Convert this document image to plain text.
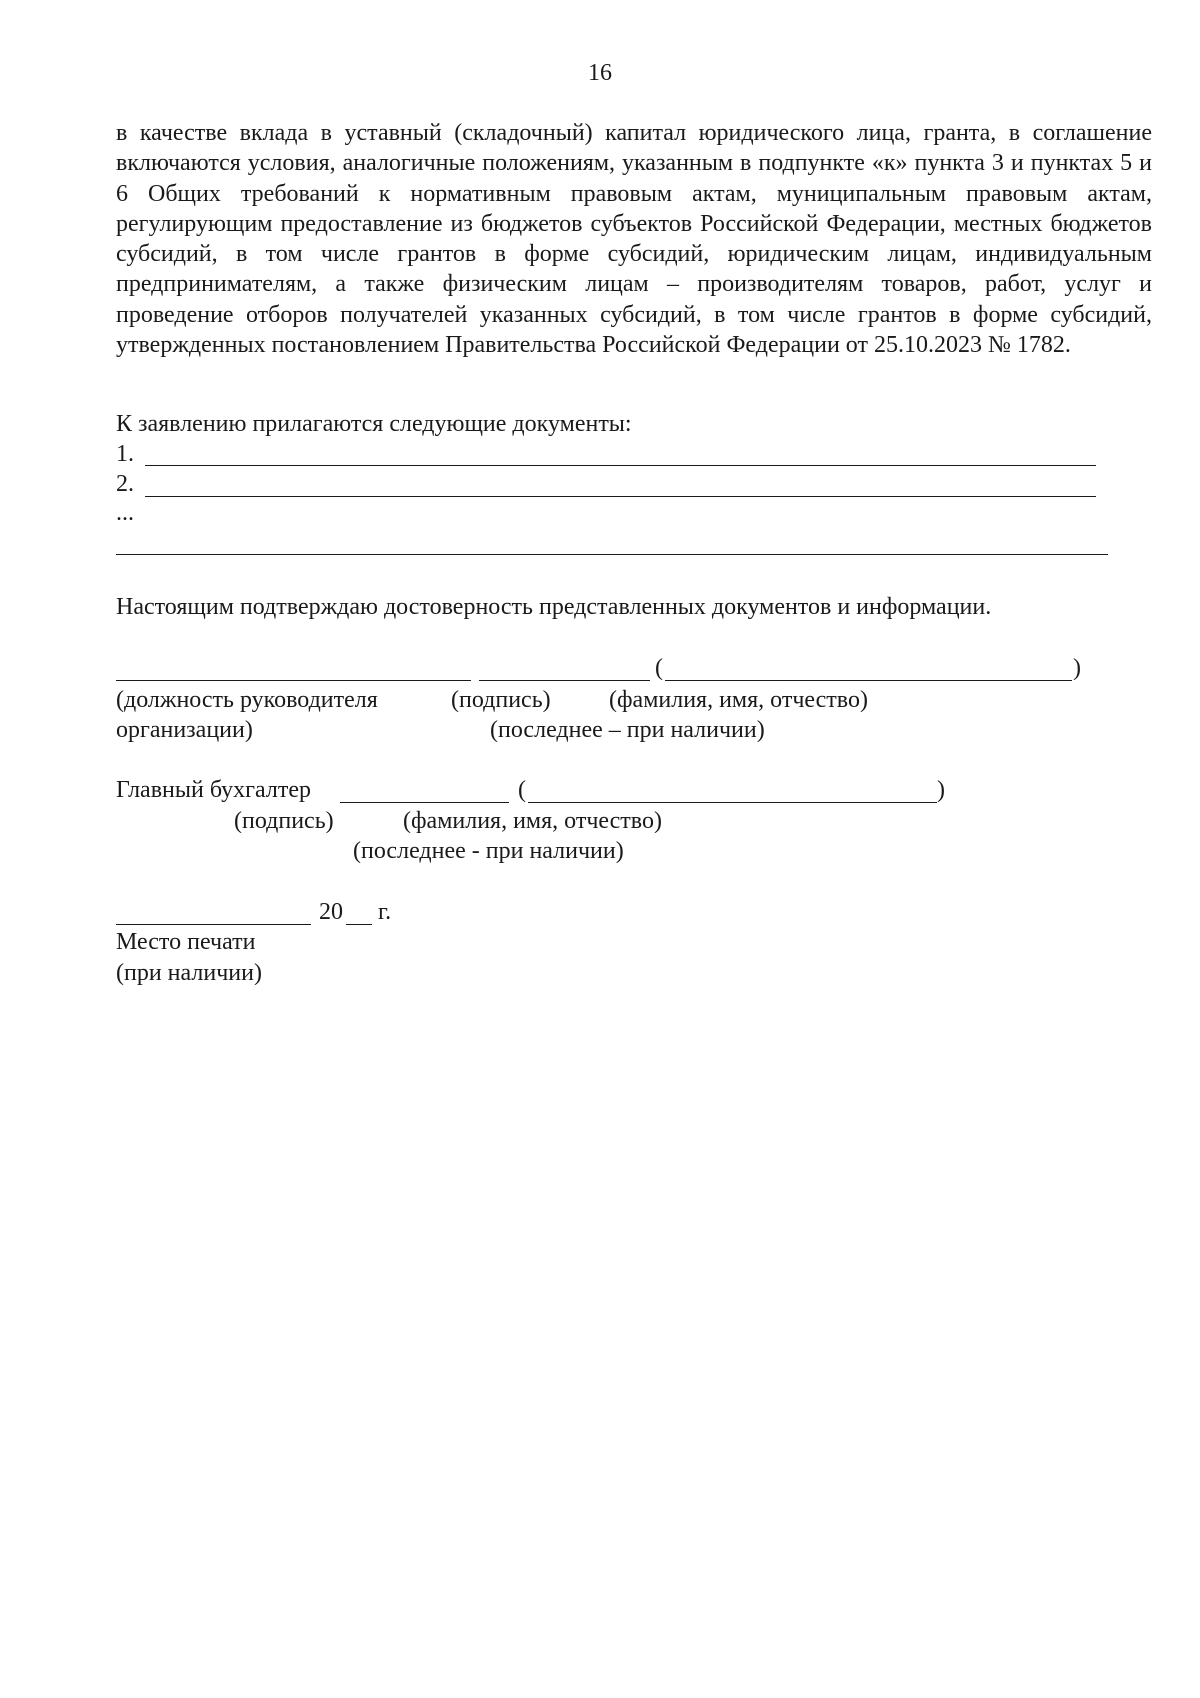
16

в качестве вклада в уставный (складочный) капитал юридического лица, гранта, в соглашение включаются условия, аналогичные положениям, указанным в подпункте «к» пункта 3 и пунктах 5 и 6 Общих требований к нормативным правовым актам, муниципальным правовым актам, регулирующим предоставление из бюджетов субъектов Российской Федерации, местных бюджетов субсидий, в том числе грантов в форме субсидий, юридическим лицам, индивидуальным предпринимателям, а также физическим лицам – производителям товаров, работ, услуг и проведение отборов получателей указанных субсидий, в том числе грантов в форме субсидий, утвержденных постановлением Правительства Российской Федерации от 25.10.2023 № 1782.

К заявлению прилагаются следующие документы:
1.
2.
...
Настоящим подтверждаю достоверность представленных документов и информации.
(	)
(должность руководителя	(подпись) (фамилия, имя, отчество)
организации)	(последнее – при наличии)
Главный бухгалтер	(	)
(подпись)	(фамилия, имя, отчество)
(последнее - при наличии)
20 г.
Место печати
(при наличии)
